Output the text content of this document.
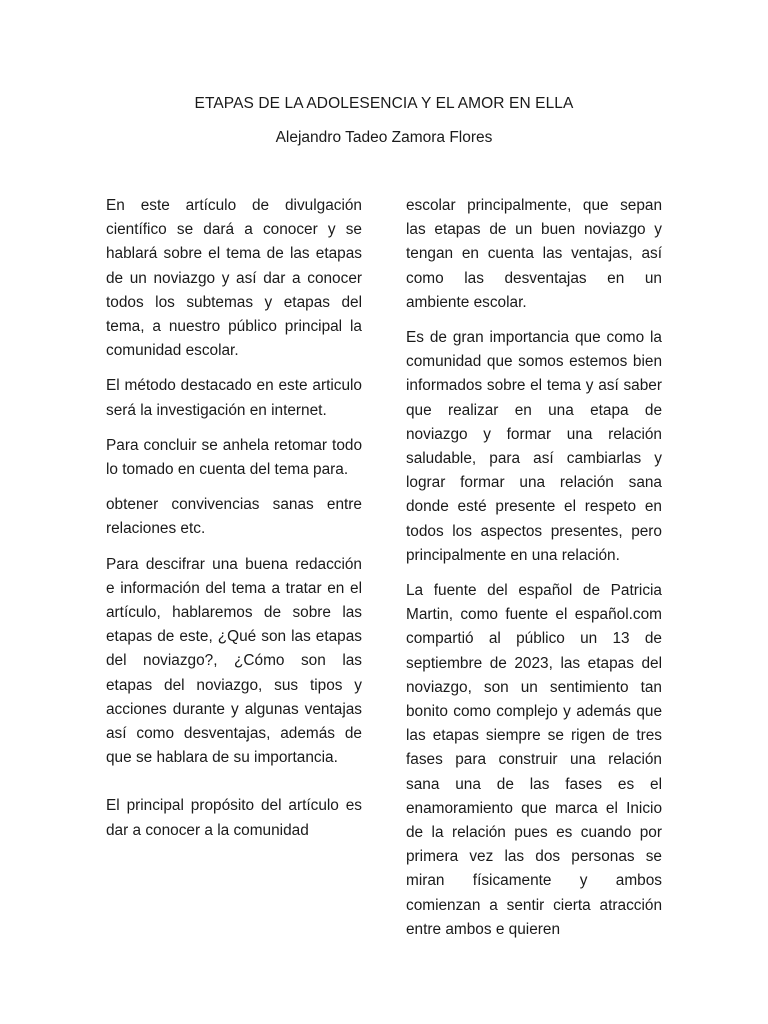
ETAPAS DE LA ADOLESENCIA Y EL AMOR EN ELLA
Alejandro Tadeo Zamora Flores

En este artículo de divulgación científico se dará a conocer y se hablará sobre el tema de las etapas de un noviazgo y así dar a conocer todos los subtemas y etapas del tema, a nuestro público principal la comunidad escolar.

El método destacado en este articulo será la investigación en internet.

Para concluir se anhela retomar todo lo tomado en cuenta del tema para.

obtener convivencias sanas entre relaciones etc.

Para descifrar una buena redacción e información del tema a tratar en el artículo, hablaremos de sobre las etapas de este, ¿Qué son las etapas del noviazgo?, ¿Cómo son las etapas del noviazgo, sus tipos y acciones durante y algunas ventajas así como desventajas, además de que se hablara de su importancia.

El principal propósito del artículo es dar a conocer a la comunidad

escolar principalmente, que sepan las etapas de un buen noviazgo y tengan en cuenta las ventajas, así como las desventajas en un ambiente escolar.

Es de gran importancia que como la comunidad que somos estemos bien informados sobre el tema y así saber que realizar en una etapa de noviazgo y formar una relación saludable, para así cambiarlas y lograr formar una relación sana donde esté presente el respeto en todos los aspectos presentes, pero principalmente en una relación.

La fuente del español de Patricia Martin, como fuente el español.com compartió al público un 13 de septiembre de 2023, las etapas del noviazgo, son un sentimiento tan bonito como complejo y además que las etapas siempre se rigen de tres fases para construir una relación sana una de las fases es el enamoramiento que marca el Inicio de la relación pues es cuando por primera vez las dos personas se miran físicamente y ambos comienzan a sentir cierta atracción entre ambos e quieren
